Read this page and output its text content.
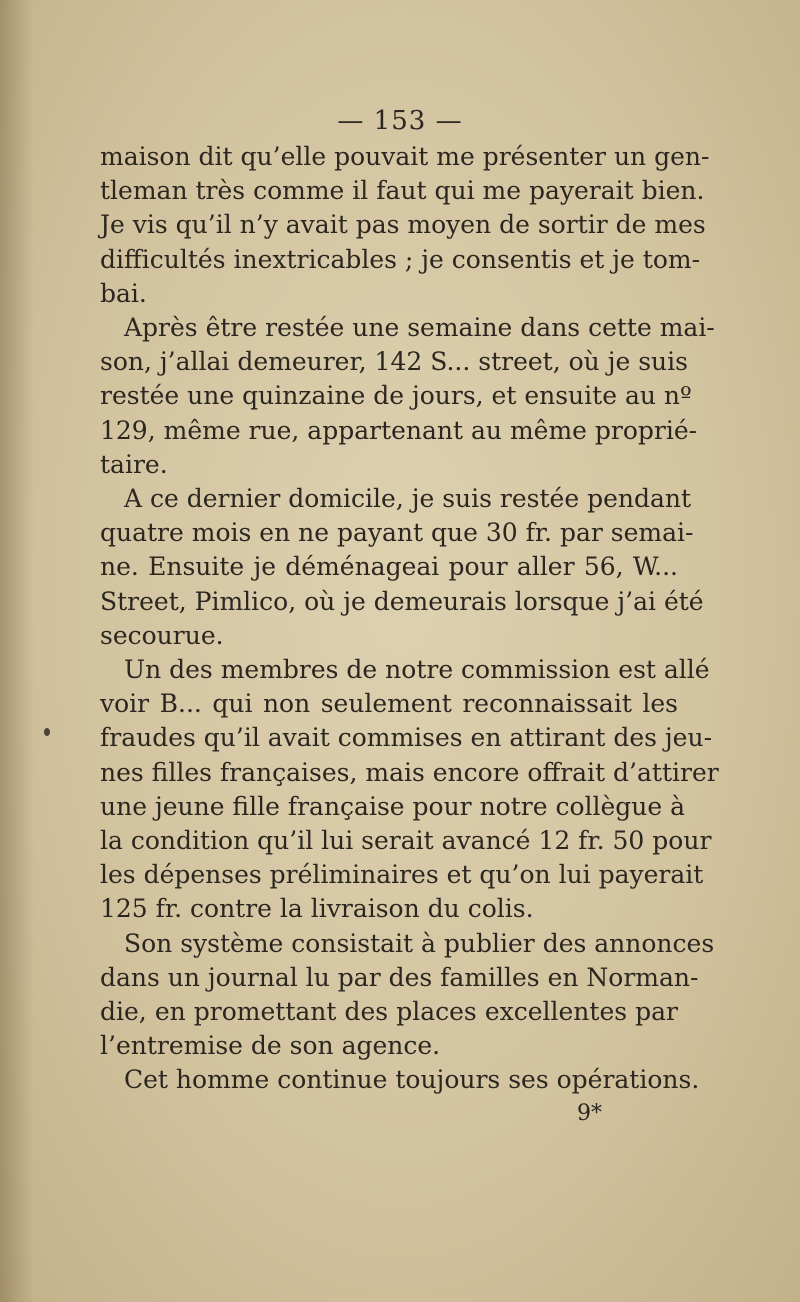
— 153 —
maison dit qu’elle pouvait me présenter un gen-
tleman très comme il faut qui me payerait bien.
Je vis qu’il n’y avait pas moyen de sortir de mes
difficultés inextricables ; je consentis et je tom-
bai.
Après être restée une semaine dans cette mai-
son, j’allai demeurer, 142 S... street, où je suis
restée une quinzaine de jours, et ensuite au nº
129, même rue, appartenant au même proprié-
taire.
A ce dernier domicile, je suis restée pendant
quatre mois en ne payant que 30 fr. par semai-
ne. Ensuite je déménageai pour aller 56, W...
Street, Pimlico, où je demeurais lorsque j’ai été
secourue.
Un des membres de notre commission est allé
voir B... qui non seulement reconnaissait les
fraudes qu’il avait commises en attirant des jeu-
nes filles françaises, mais encore offrait d’attirer
une jeune fille française pour notre collègue à
la condition qu’il lui serait avancé 12 fr. 50 pour
les dépenses préliminaires et qu’on lui payerait
125 fr. contre la livraison du colis.
Son système consistait à publier des annonces
dans un journal lu par des familles en Norman-
die, en promettant des places excellentes par
l’entremise de son agence.
Cet homme continue toujours ses opérations.
9*
